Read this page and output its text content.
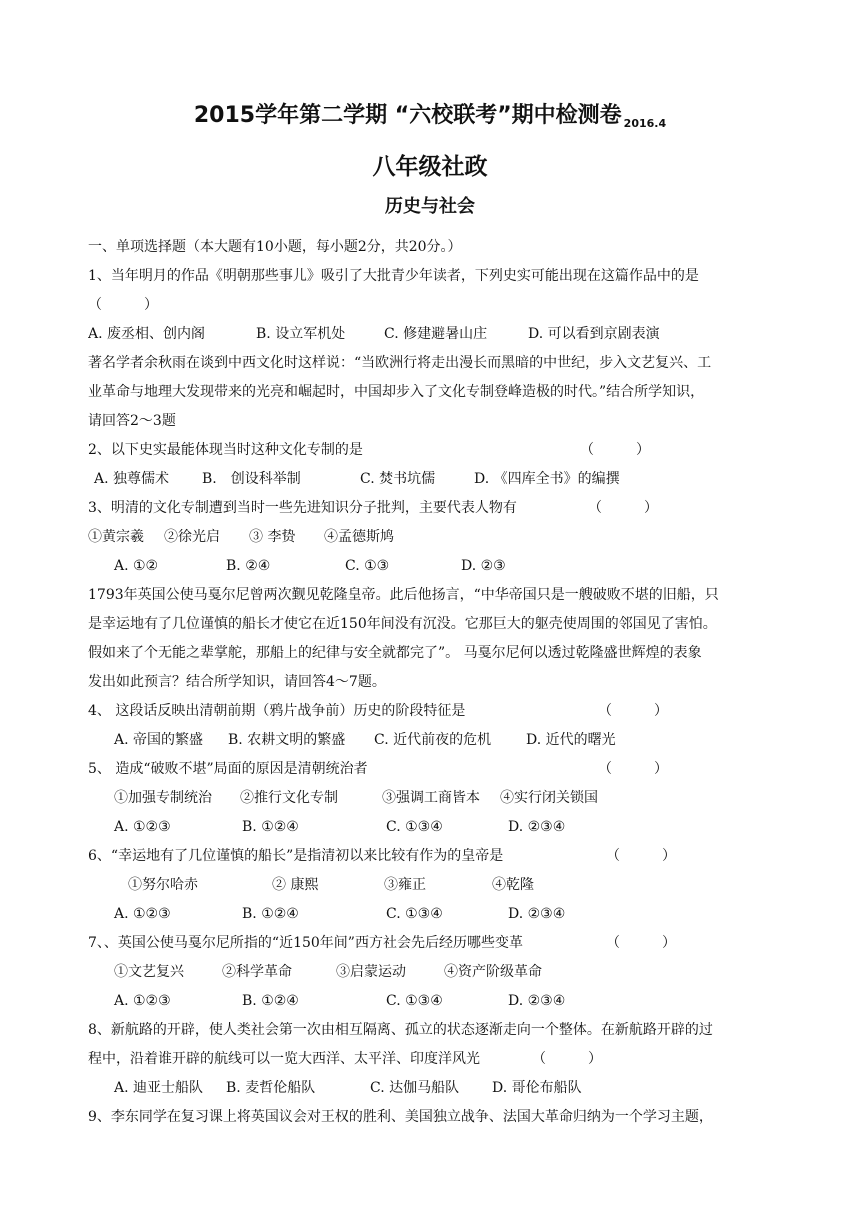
2015学年第二学期 “六校联考”期中检测卷 $_{2016.4}$
八年级社政
历史与社会
一、单项选择题（本大题有10小题，每小题2分，共20分。）
1、当年明月的作品《明朝那些事儿》吸引了大批青少年读者，下列史实可能出现在这篇作品中的是
（　　　）
A. 废丞相、创内阁	B. 设立军机处	C. 修建避暑山庄	D. 可以看到京剧表演
著名学者余秋雨在谈到中西文化时这样说：“当欧洲行将走出漫长而黑暗的中世纪，步入文艺复兴、工
业革命与地理大发现带来的光亮和崛起时，中国却步入了文化专制登峰造极的时代。”结合所学知识，
请回答2～3题
2、以下史实最能体现当时这种文化专制的是	（　　　）
A. 独尊儒术 B.　创设科举制	C. 焚书坑儒	D. 《四库全书》的编撰
3、明清的文化专制遭到当时一些先进知识分子批判，主要代表人物有	（　　　）
①黄宗羲 ②徐光启 ③ 李贽 ④孟德斯鸠
A. ①②	B. ②④	C. ①③	D. ②③
1793年英国公使马戛尔尼曾两次觐见乾隆皇帝。此后他扬言，“中华帝国只是一艘破败不堪的旧船，只
是幸运地有了几位谨慎的船长才使它在近150年间没有沉没。它那巨大的躯壳使周围的邻国见了害怕。
假如来了个无能之辈掌舵，那船上的纪律与安全就都完了”。 马戛尔尼何以透过乾隆盛世辉煌的表象
发出如此预言？结合所学知识，请回答4～7题。
4、 这段话反映出清朝前期（鸦片战争前）历史的阶段特征是	（　　　）
A. 帝国的繁盛 B. 农耕文明的繁盛 C. 近代前夜的危机 D. 近代的曙光
5、 造成“破败不堪”局面的原因是清朝统治者	（　　　）
①加强专制统治 ②推行文化专制	③强调工商皆本 ④实行闭关锁国
A. ①②③	B. ①②④	C. ①③④	D. ②③④
6、“幸运地有了几位谨慎的船长”是指清初以来比较有作为的皇帝是	（　　　）
①努尔哈赤	② 康熙	③雍正	④乾隆
A. ①②③	B. ①②④	C. ①③④	D. ②③④
7、、英国公使马戛尔尼所指的“近150年间”西方社会先后经历哪些变革	（　　　）
①文艺复兴	②科学革命	③启蒙运动	④资产阶级革命
A. ①②③	B. ①②④	C. ①③④	D. ②③④
8、新航路的开辟，使人类社会第一次由相互隔离、孤立的状态逐渐走向一个整体。在新航路开辟的过
程中，沿着谁开辟的航线可以一览大西洋、太平洋、印度洋风光	（　　　）
A. 迪亚士船队 B. 麦哲伦船队	C. 达伽马船队 D. 哥伦布船队
9、李东同学在复习课上将英国议会对王权的胜利、美国独立战争、法国大革命归纳为一个学习主题，
